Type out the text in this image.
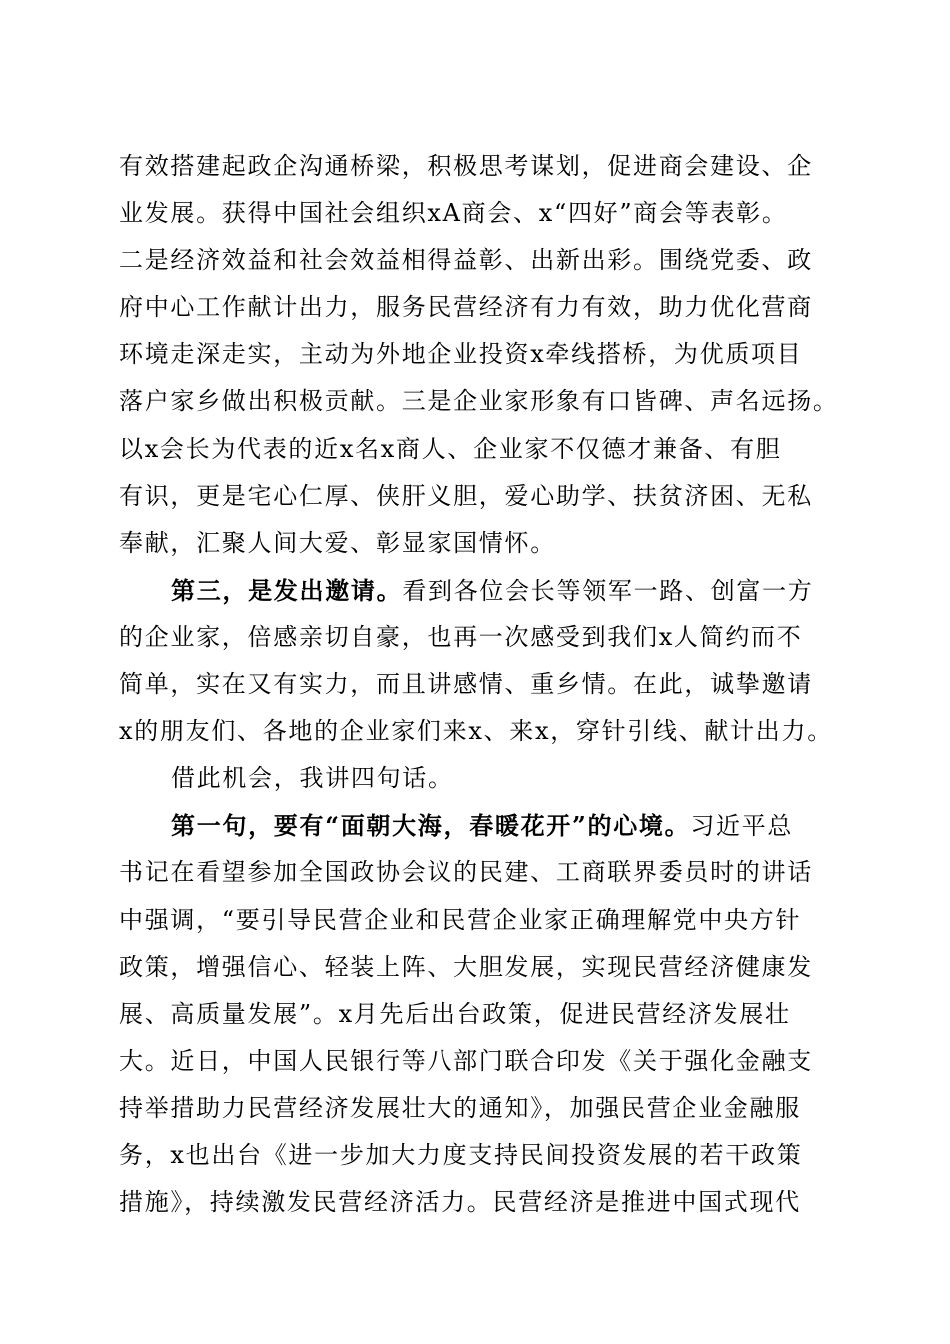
有效搭建起政企沟通桥梁，积极思考谋划，促进商会建设、企
业发展。获得中国社会组织xA商会、x“四好”商会等表彰。
二是经济效益和社会效益相得益彰、出新出彩。围绕党委、政
府中心工作献计出力，服务民营经济有力有效，助力优化营商
环境走深走实，主动为外地企业投资x牵线搭桥，为优质项目
落户家乡做出积极贡献。三是企业家形象有口皆碑、声名远扬。
以x会长为代表的近x名x商人、企业家不仅德才兼备、有胆
有识，更是宅心仁厚、侠肝义胆，爱心助学、扶贫济困、无私
奉献，汇聚人间大爱、彰显家国情怀。

第三，是发出邀请。看到各位会长等领军一路、创富一方
的企业家，倍感亲切自豪，也再一次感受到我们x人简约而不
简单，实在又有实力，而且讲感情、重乡情。在此，诚挚邀请
x的朋友们、各地的企业家们来x、来x，穿针引线、献计出力。

借此机会，我讲四句话。

第一句，要有“面朝大海，春暖花开”的心境。习近平总
书记在看望参加全国政协会议的民建、工商联界委员时的讲话
中强调，“要引导民营企业和民营企业家正确理解党中央方针
政策，增强信心、轻装上阵、大胆发展，实现民营经济健康发
展、高质量发展”。x月先后出台政策，促进民营经济发展壮
大。近日，中国人民银行等八部门联合印发《关于强化金融支
持举措助力民营经济发展壮大的通知》，加强民营企业金融服
务，x也出台《进一步加大力度支持民间投资发展的若干政策
措施》，持续激发民营经济活力。民营经济是推进中国式现代
